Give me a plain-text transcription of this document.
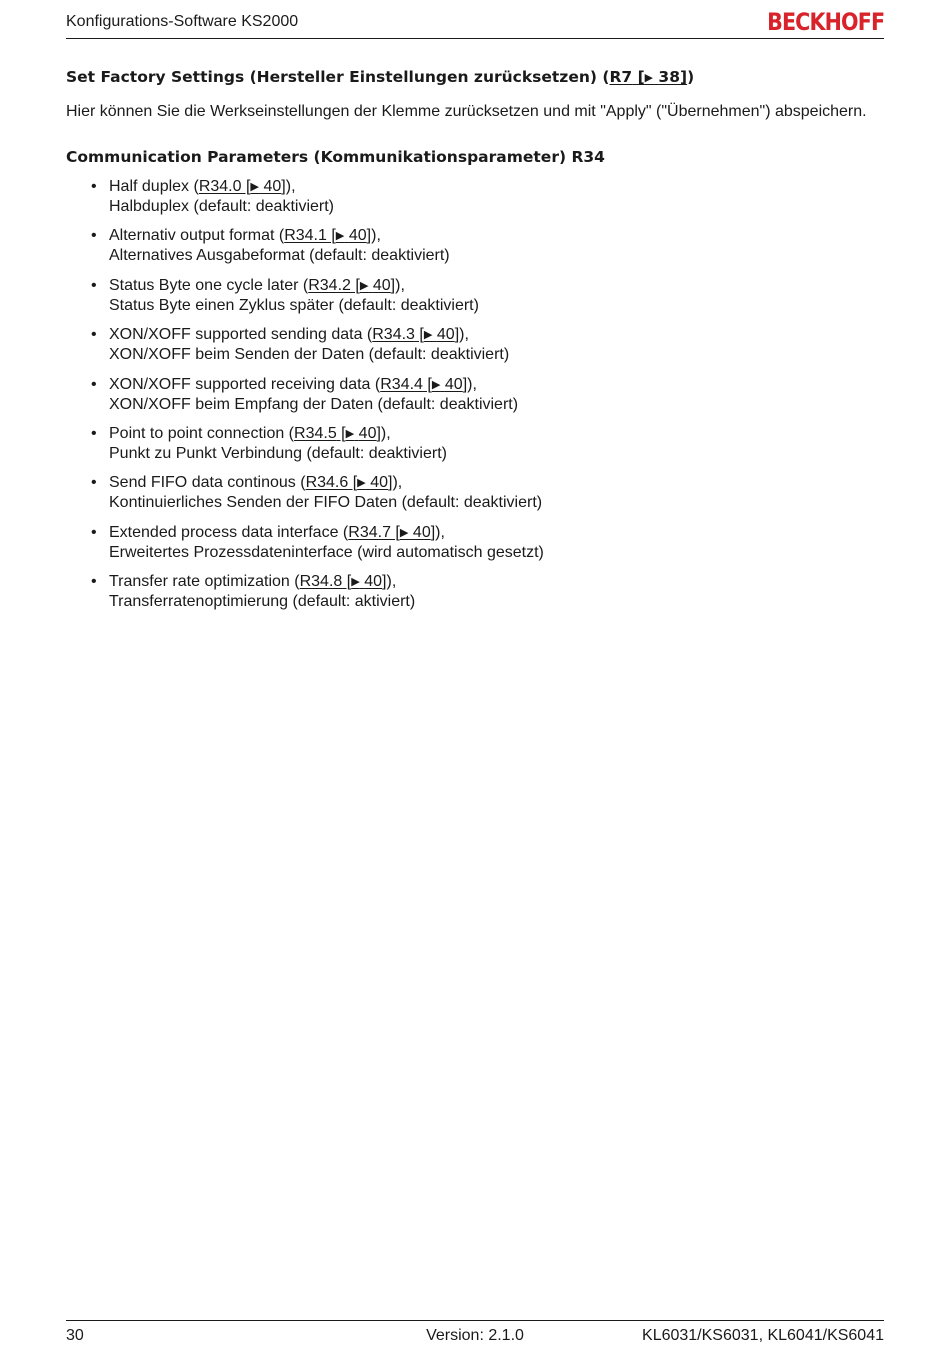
Konfigurations-Software KS2000	BECKHOFF
Set Factory Settings (Hersteller Einstellungen zurücksetzen) (R7 [▶ 38])

Hier können Sie die Werkseinstellungen der Klemme zurücksetzen und mit "Apply" ("Übernehmen") abspeichern.

Communication Parameters (Kommunikationsparameter) R34
• Half duplex (R34.0 [▶ 40]),
Halbduplex (default: deaktiviert)
• Alternativ output format (R34.1 [▶ 40]),
Alternatives Ausgabeformat (default: deaktiviert)
• Status Byte one cycle later (R34.2 [▶ 40]),
Status Byte einen Zyklus später (default: deaktiviert)
• XON/XOFF supported sending data (R34.3 [▶ 40]),
XON/XOFF beim Senden der Daten (default: deaktiviert)
• XON/XOFF supported receiving data (R34.4 [▶ 40]),
XON/XOFF beim Empfang der Daten (default: deaktiviert)
• Point to point connection (R34.5 [▶ 40]),
Punkt zu Punkt Verbindung (default: deaktiviert)
• Send FIFO data continous (R34.6 [▶ 40]),
Kontinuierliches Senden der FIFO Daten (default: deaktiviert)
• Extended process data interface (R34.7 [▶ 40]),
Erweitertes Prozessdateninterface (wird automatisch gesetzt)
• Transfer rate optimization (R34.8 [▶ 40]),
Transferratenoptimierung (default: aktiviert)
30	Version: 2.1.0	KL6031/KS6031, KL6041/KS6041
